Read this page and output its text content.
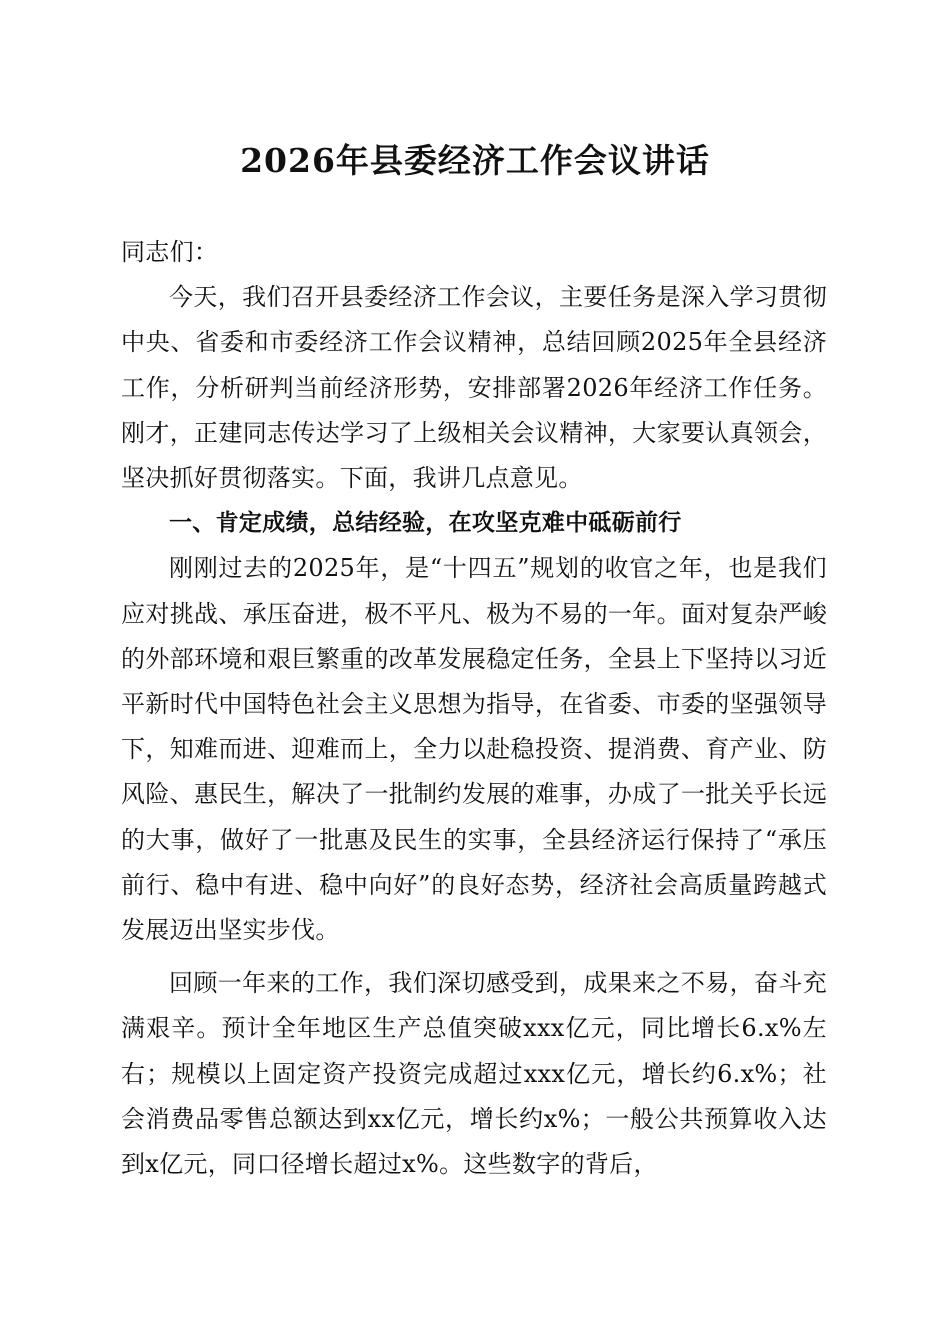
2026年县委经济工作会议讲话

同志们：

今天，我们召开县委经济工作会议，主要任务是深入学习贯彻中央、省委和市委经济工作会议精神，总结回顾2025年全县经济工作，分析研判当前经济形势，安排部署2026年经济工作任务。刚才，正建同志传达学习了上级相关会议精神，大家要认真领会，坚决抓好贯彻落实。下面，我讲几点意见。

一、肯定成绩，总结经验，在攻坚克难中砥砺前行

刚刚过去的2025年，是“十四五”规划的收官之年，也是我们应对挑战、承压奋进，极不平凡、极为不易的一年。面对复杂严峻的外部环境和艰巨繁重的改革发展稳定任务，全县上下坚持以习近平新时代中国特色社会主义思想为指导，在省委、市委的坚强领导下，知难而进、迎难而上，全力以赴稳投资、提消费、育产业、防风险、惠民生，解决了一批制约发展的难事，办成了一批关乎长远的大事，做好了一批惠及民生的实事，全县经济运行保持了“承压前行、稳中有进、稳中向好”的良好态势，经济社会高质量跨越式发展迈出坚实步伐。

回顾一年来的工作，我们深切感受到，成果来之不易，奋斗充满艰辛。预计全年地区生产总值突破xxx亿元，同比增长6.x%左右；规模以上固定资产投资完成超过xxx亿元，增长约6.x%；社会消费品零售总额达到xx亿元，增长约x%；一般公共预算收入达到x亿元，同口径增长超过x%。这些数字的背后，
